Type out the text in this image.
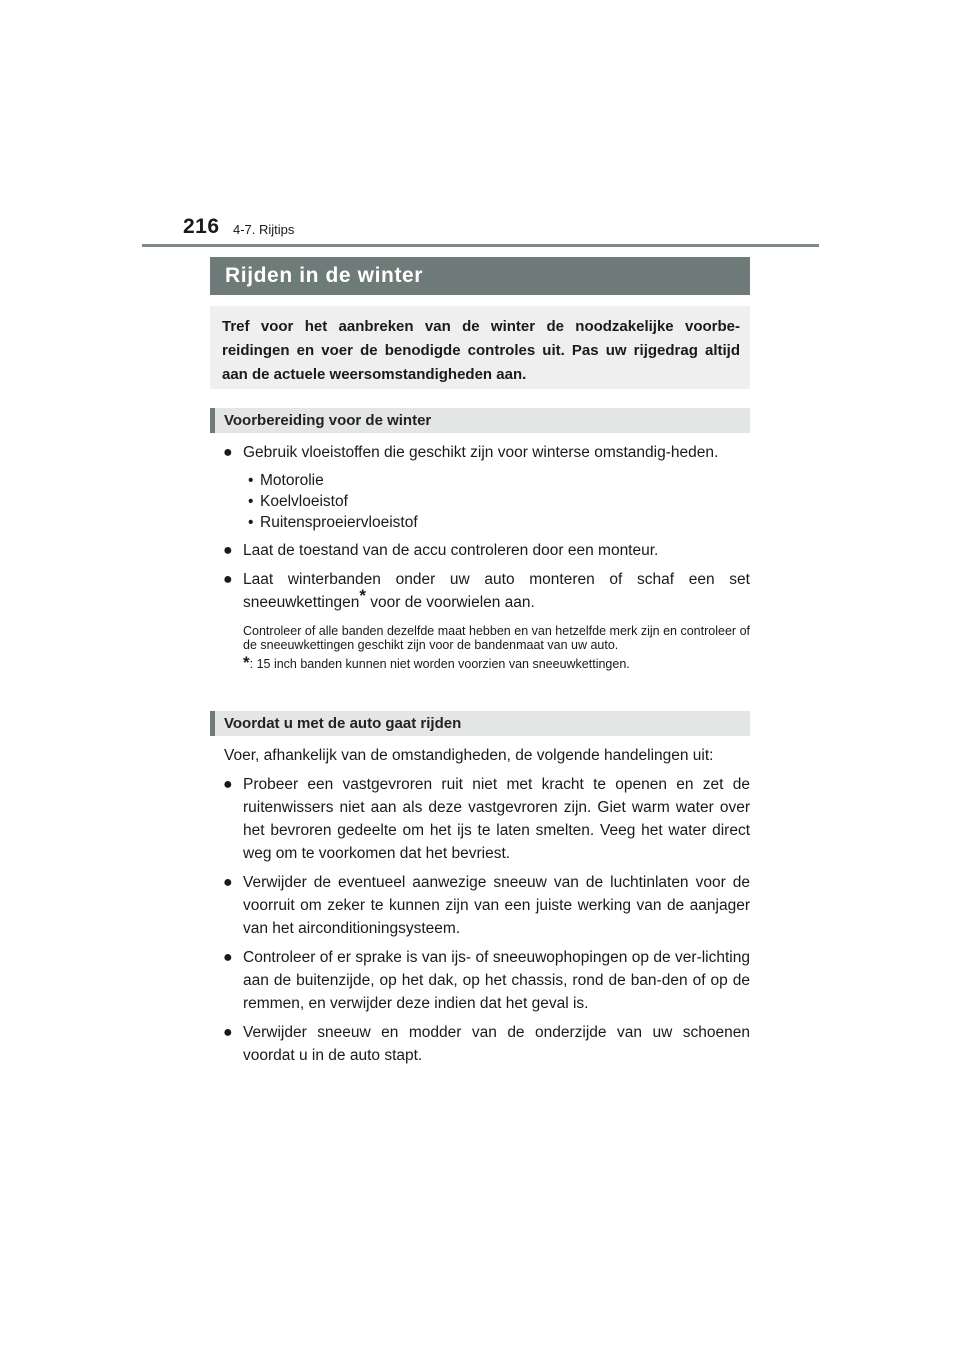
216 4-7. Rijtips
Rijden in de winter
Tref voor het aanbreken van de winter de noodzakelijke voorbe-reidingen en voer de benodigde controles uit. Pas uw rijgedrag altijd aan de actuele weersomstandigheden aan.
Voorbereiding voor de winter
● Gebruik vloeistoffen die geschikt zijn voor winterse omstandig-heden.
• Motorolie
• Koelvloeistof
• Ruitensproeiervloeistof
● Laat de toestand van de accu controleren door een monteur.
● Laat winterbanden onder uw auto monteren of schaf een set sneeuwkettingen* voor de voorwielen aan.
Controleer of alle banden dezelfde maat hebben en van hetzelfde merk zijn en controleer of de sneeuwkettingen geschikt zijn voor de bandenmaat van uw auto.
*: 15 inch banden kunnen niet worden voorzien van sneeuwkettingen.
Voordat u met de auto gaat rijden
Voer, afhankelijk van de omstandigheden, de volgende handelingen uit:
● Probeer een vastgevroren ruit niet met kracht te openen en zet de ruitenwissers niet aan als deze vastgevroren zijn. Giet warm water over het bevroren gedeelte om het ijs te laten smelten. Veeg het water direct weg om te voorkomen dat het bevriest.
● Verwijder de eventueel aanwezige sneeuw van de luchtinlaten voor de voorruit om zeker te kunnen zijn van een juiste werking van de aanjager van het airconditioningsysteem.
● Controleer of er sprake is van ijs- of sneeuwophopingen op de ver-lichting aan de buitenzijde, op het dak, op het chassis, rond de ban-den of op de remmen, en verwijder deze indien dat het geval is.
● Verwijder sneeuw en modder van de onderzijde van uw schoenen voordat u in de auto stapt.
